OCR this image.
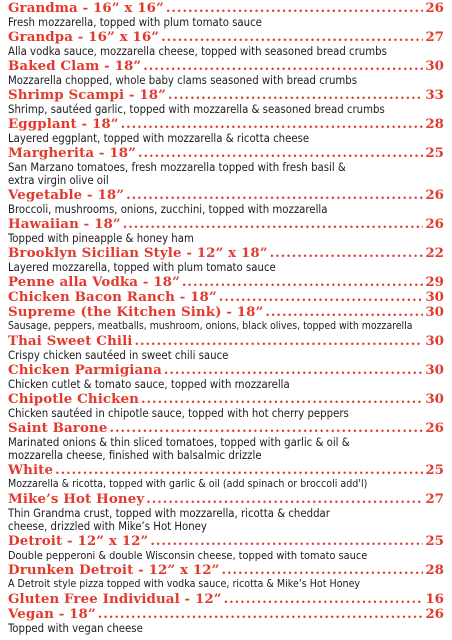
Grandma - 16” x 16” .....	26
Fresh mozzarella, topped with plum tomato sauce
Grandpa - 16” x 16” .....	27
Alla vodka sauce, mozzarella cheese, topped with seasoned bread crumbs
Baked Clam - 18” .....	30
Mozzarella chopped, whole baby clams seasoned with bread crumbs
Shrimp Scampi - 18” .....	33
Shrimp, sautéed garlic, topped with mozzarella & seasoned bread crumbs
Eggplant - 18” .....	28
Layered eggplant, topped with mozzarella & ricotta cheese
Margherita - 18” .....	25
San Marzano tomatoes, fresh mozzarella topped with fresh basil &
extra virgin olive oil
Vegetable - 18” .....	26
Broccoli, mushrooms, onions, zucchini, topped with mozzarella
Hawaiian - 18” .....	26
Topped with pineapple & honey ham
Brooklyn Sicilian Style - 12” x 18” .....	22
Layered mozzarella, topped with plum tomato sauce
Penne alla Vodka - 18” .....	29
Chicken Bacon Ranch - 18” .....	30
Supreme (the Kitchen Sink) - 18” .....	30
Sausage, peppers, meatballs, mushroom, onions, black olives, topped with mozzarella
Thai Sweet Chili .....	30
Crispy chicken sautéed in sweet chili sauce
Chicken Parmigiana .....	30
Chicken cutlet & tomato sauce, topped with mozzarella
Chipotle Chicken .....	30
Chicken sautéed in chipotle sauce, topped with hot cherry peppers
Saint Barone .....	26
Marinated onions & thin sliced tomatoes, topped with garlic & oil &
mozzarella cheese, finished with balsalmic drizzle
White .....	25
Mozzarella & ricotta, topped with garlic & oil (add spinach or broccoli add'l)
Mike’s Hot Honey .....	27
Thin Grandma crust, topped with mozzarella, ricotta & cheddar
cheese, drizzled with Mike’s Hot Honey
Detroit - 12” x 12” .....	25
Double pepperoni & double Wisconsin cheese, topped with tomato sauce
Drunken Detroit - 12” x 12” .....	28
A Detroit style pizza topped with vodka sauce, ricotta & Mike’s Hot Honey
Gluten Free Individual - 12” .....	16
Vegan - 18” .....	26
Topped with vegan cheese
